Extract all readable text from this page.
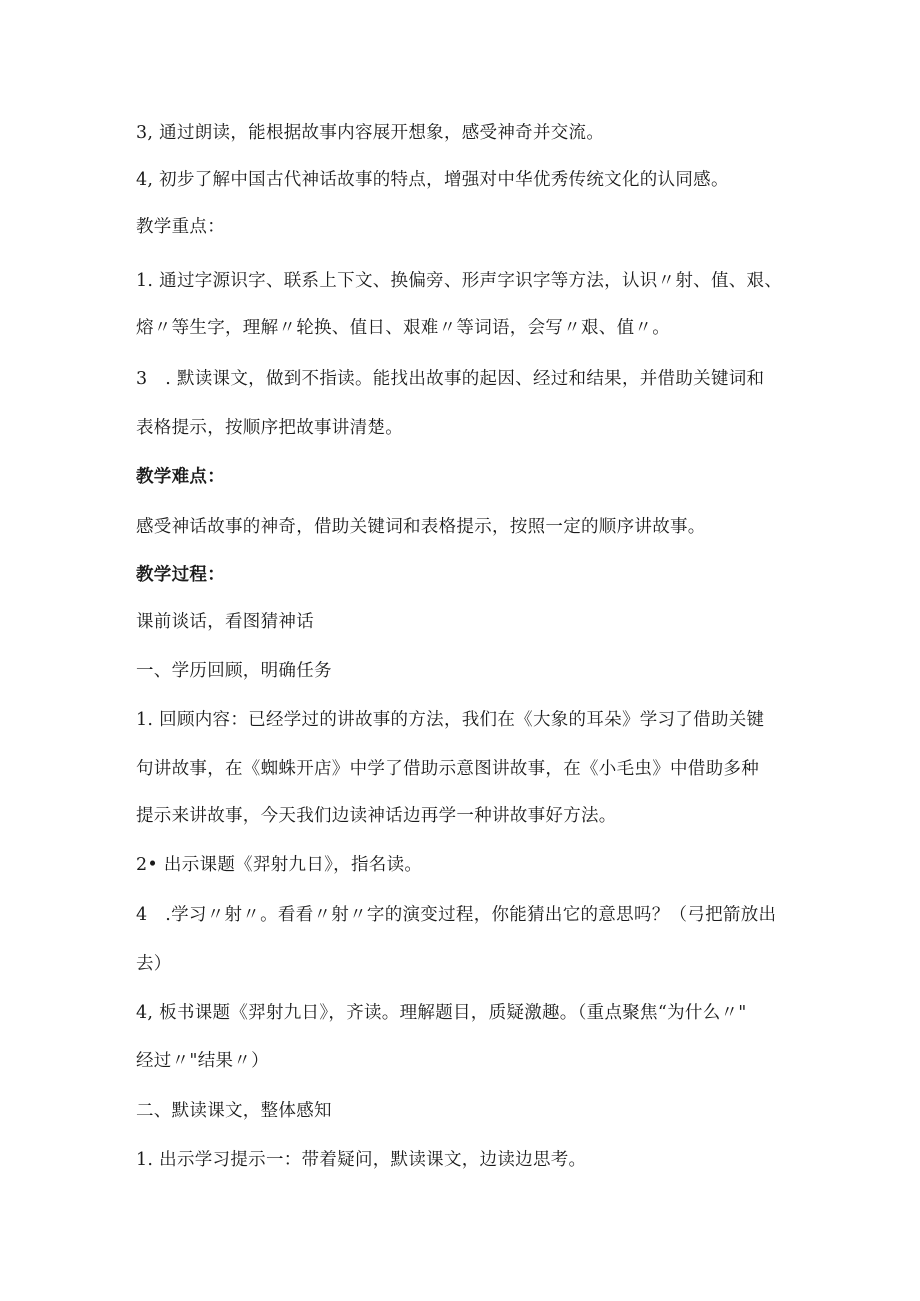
3, 通过朗读，能根据故事内容展开想象，感受神奇并交流。
4, 初步了解中国古代神话故事的特点，增强对中华优秀传统文化的认同感。
教学重点：
1. 通过字源识字、联系上下文、换偏旁、形声字识字等方法，认识〃射、值、艰、
熔〃等生字，理解〃轮换、值日、艰难〃等词语，会写〃艰、值〃。
3　. 默读课文，做到不指读。能找出故事的起因、经过和结果，并借助关键词和
表格提示，按顺序把故事讲清楚。
教学难点：
感受神话故事的神奇，借助关键词和表格提示，按照一定的顺序讲故事。
教学过程：
课前谈话，看图猜神话
一、学历回顾，明确任务
1. 回顾内容：已经学过的讲故事的方法，我们在《大象的耳朵》学习了借助关键
句讲故事，在《蜘蛛开店》中学了借助示意图讲故事，在《小毛虫》中借助多种
提示来讲故事，今天我们边读神话边再学一种讲故事好方法。
2• 出示课题《羿射九日》，指名读。
4　.学习〃射〃。看看〃射〃字的演变过程，你能猜出它的意思吗？（弓把箭放出
去）
4, 板书课题《羿射九日》，齐读。理解题目，质疑激趣。（重点聚焦“为什么〃"
经过〃"结果〃）
二、默读课文，整体感知
1. 出示学习提示一：带着疑问，默读课文，边读边思考。
